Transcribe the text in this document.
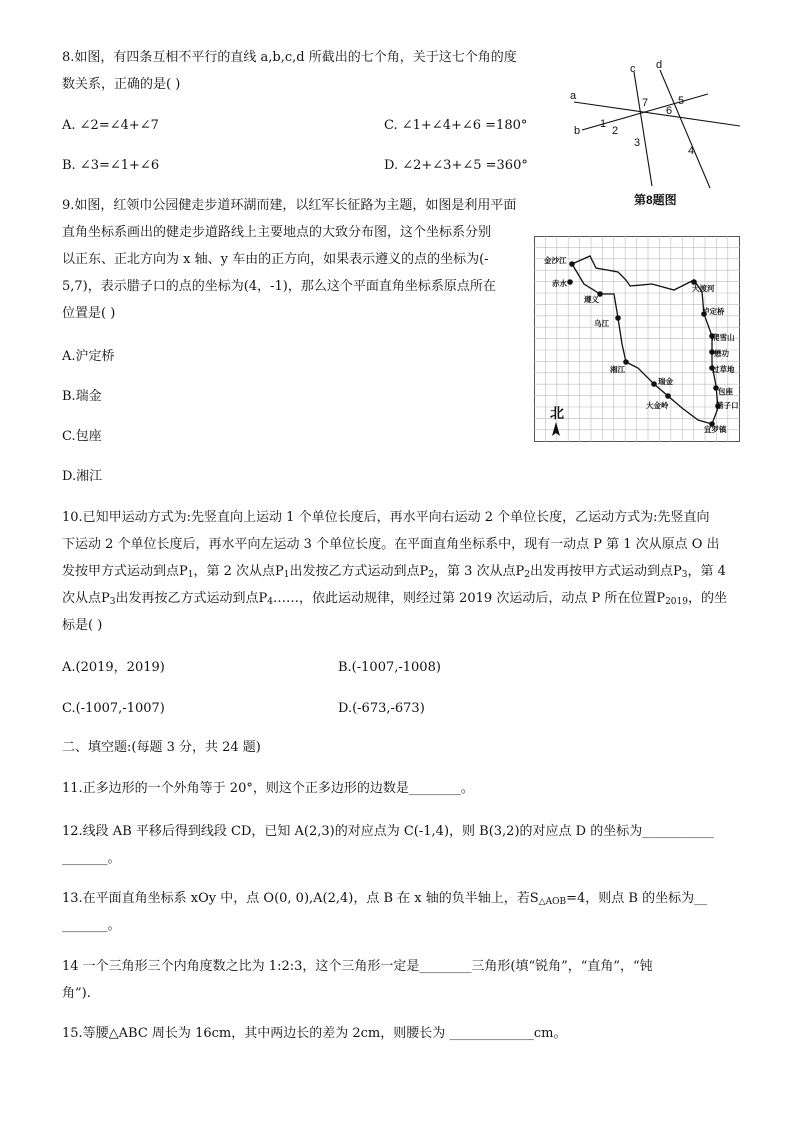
8.如图，有四条互相不平行的直线 a,b,c,d 所截出的七个角，关于这七个角的度
数关系，正确的是( )
A. ∠2=∠4+∠7	C. ∠1+∠4+∠6 =180°
B. ∠3=∠1+∠6	D. ∠2+∠3+∠5 =360°
a
b
c d
1
2
3
4
5
6
7
第8题图
9.如图，红领巾公园健走步道环湖而建，以红军长征路为主题，如图是利用平面
直角坐标系画出的健走步道路线上主要地点的大致分布图，这个坐标系分别
以正东、正北方向为 x 轴、y 车由的正方向，如果表示遵义的点的坐标为(-
5,7)，表示腊子口的点的坐标为(4，-1)，那么这个平面直角坐标系原点所在
位置是( )
A.沪定桥
B.瑞金
C.包座
D.湘江
金沙江
赤水
遵义
乌江
湘江
瑞金
大金岭
大渡河
泸定桥
爬雪山
懋功
过草地
包座
腊子口
宜罗镇
北
10.已知甲运动方式为:先竖直向上运动 1 个单位长度后，再水平向右运动 2 个单位长度，乙运动方式为:先竖直向
下运动 2 个单位长度后，再水平向左运动 3 个单位长度。在平面直角坐标系中，现有一动点 P 第 1 次从原点 O 出
发按甲方式运动到点$P_1$，第 2 次从点$P_1$出发按乙方式运动到点$P_2$，第 3 次从点$P_2$出发再按甲方式运动到点$P_3$，第 4
次从点$P_3$出发再按乙方式运动到点$P_4\dots\dots$，依此运动规律，则经过第 2019 次运动后，动点 P 所在位置$P_{2019}$，的坐
标是( )
A.(2019，2019)	B.(-1007,-1008)
C.(-1007,-1007)	D.(-673,-673)
二、填空题:(每题 3 分，共 24 题)
11.正多边形的一个外角等于 20°，则这个正多边形的边数是________。
12.线段 AB 平移后得到线段 CD，已知 A(2,3)的对应点为 C(-1,4)，则 B(3,2)的对应点 D 的坐标为___________
_______。
13.在平面直角坐标系 xOy 中，点 O(0, 0),A(2,4)，点 B 在 x 轴的负半轴上，若$S_{\triangle AOB}=4$，则点 B 的坐标为__
_______。
14 一个三角形三个内角度数之比为 1:2:3，这个三角形一定是________三角形(填“锐角”，“直角”，“钝
角”).
15.等腰△ABC 周长为 16cm，其中两边长的差为 2cm，则腰长为 _____________cm。
